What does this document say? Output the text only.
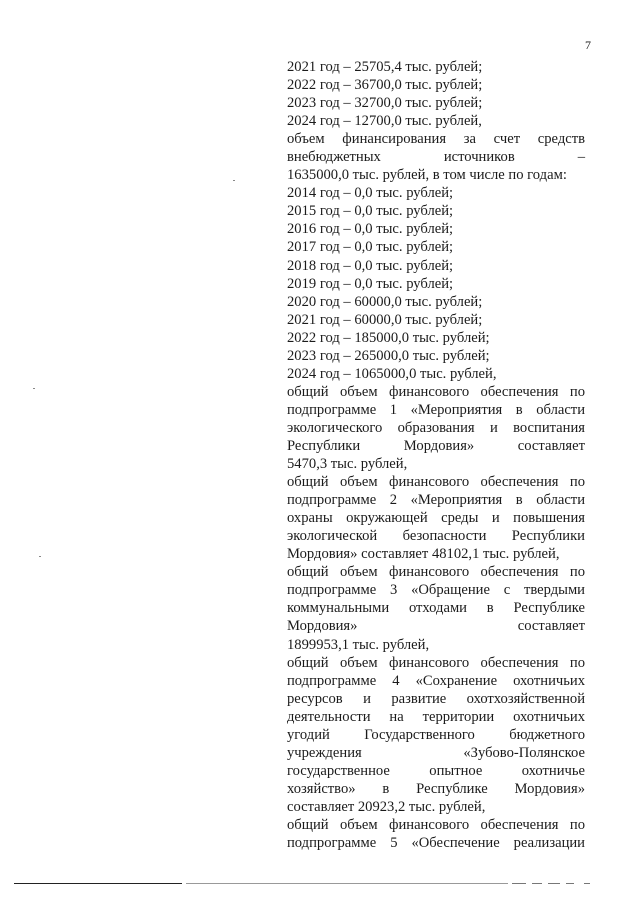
7
2021 год – 25705,4 тыс. рублей;
2022 год – 36700,0 тыс. рублей;
2023 год – 32700,0 тыс. рублей;
2024 год – 12700,0 тыс. рублей,
объем финансирования за счет средств
внебюджетных источников –
1635000,0 тыс. рублей, в том числе по годам:
2014 год – 0,0 тыс. рублей;
2015 год – 0,0 тыс. рублей;
2016 год – 0,0 тыс. рублей;
2017 год – 0,0 тыс. рублей;
2018 год – 0,0 тыс. рублей;
2019 год – 0,0 тыс. рублей;
2020 год – 60000,0 тыс. рублей;
2021 год – 60000,0 тыс. рублей;
2022 год – 185000,0 тыс. рублей;
2023 год – 265000,0 тыс. рублей;
2024 год – 1065000,0 тыс. рублей,
общий объем финансового обеспечения по
подпрограмме 1 «Мероприятия в области
экологического образования и воспитания
Республики Мордовия» составляет
5470,3 тыс. рублей,
общий объем финансового обеспечения по
подпрограмме 2 «Мероприятия в области
охраны окружающей среды и повышения
экологической безопасности Республики
Мордовия» составляет 48102,1 тыс. рублей,
общий объем финансового обеспечения по
подпрограмме 3 «Обращение с твердыми
коммунальными отходами в Республике
Мордовия» составляет
1899953,1 тыс. рублей,
общий объем финансового обеспечения по
подпрограмме 4 «Сохранение охотничьих
ресурсов и развитие охотхозяйственной
деятельности на территории охотничьих
угодий Государственного бюджетного
учреждения «Зубово-Полянское
государственное опытное охотничье
хозяйство» в Республике Мордовия»
составляет 20923,2 тыс. рублей,
общий объем финансового обеспечения по
подпрограмме 5 «Обеспечение реализации
